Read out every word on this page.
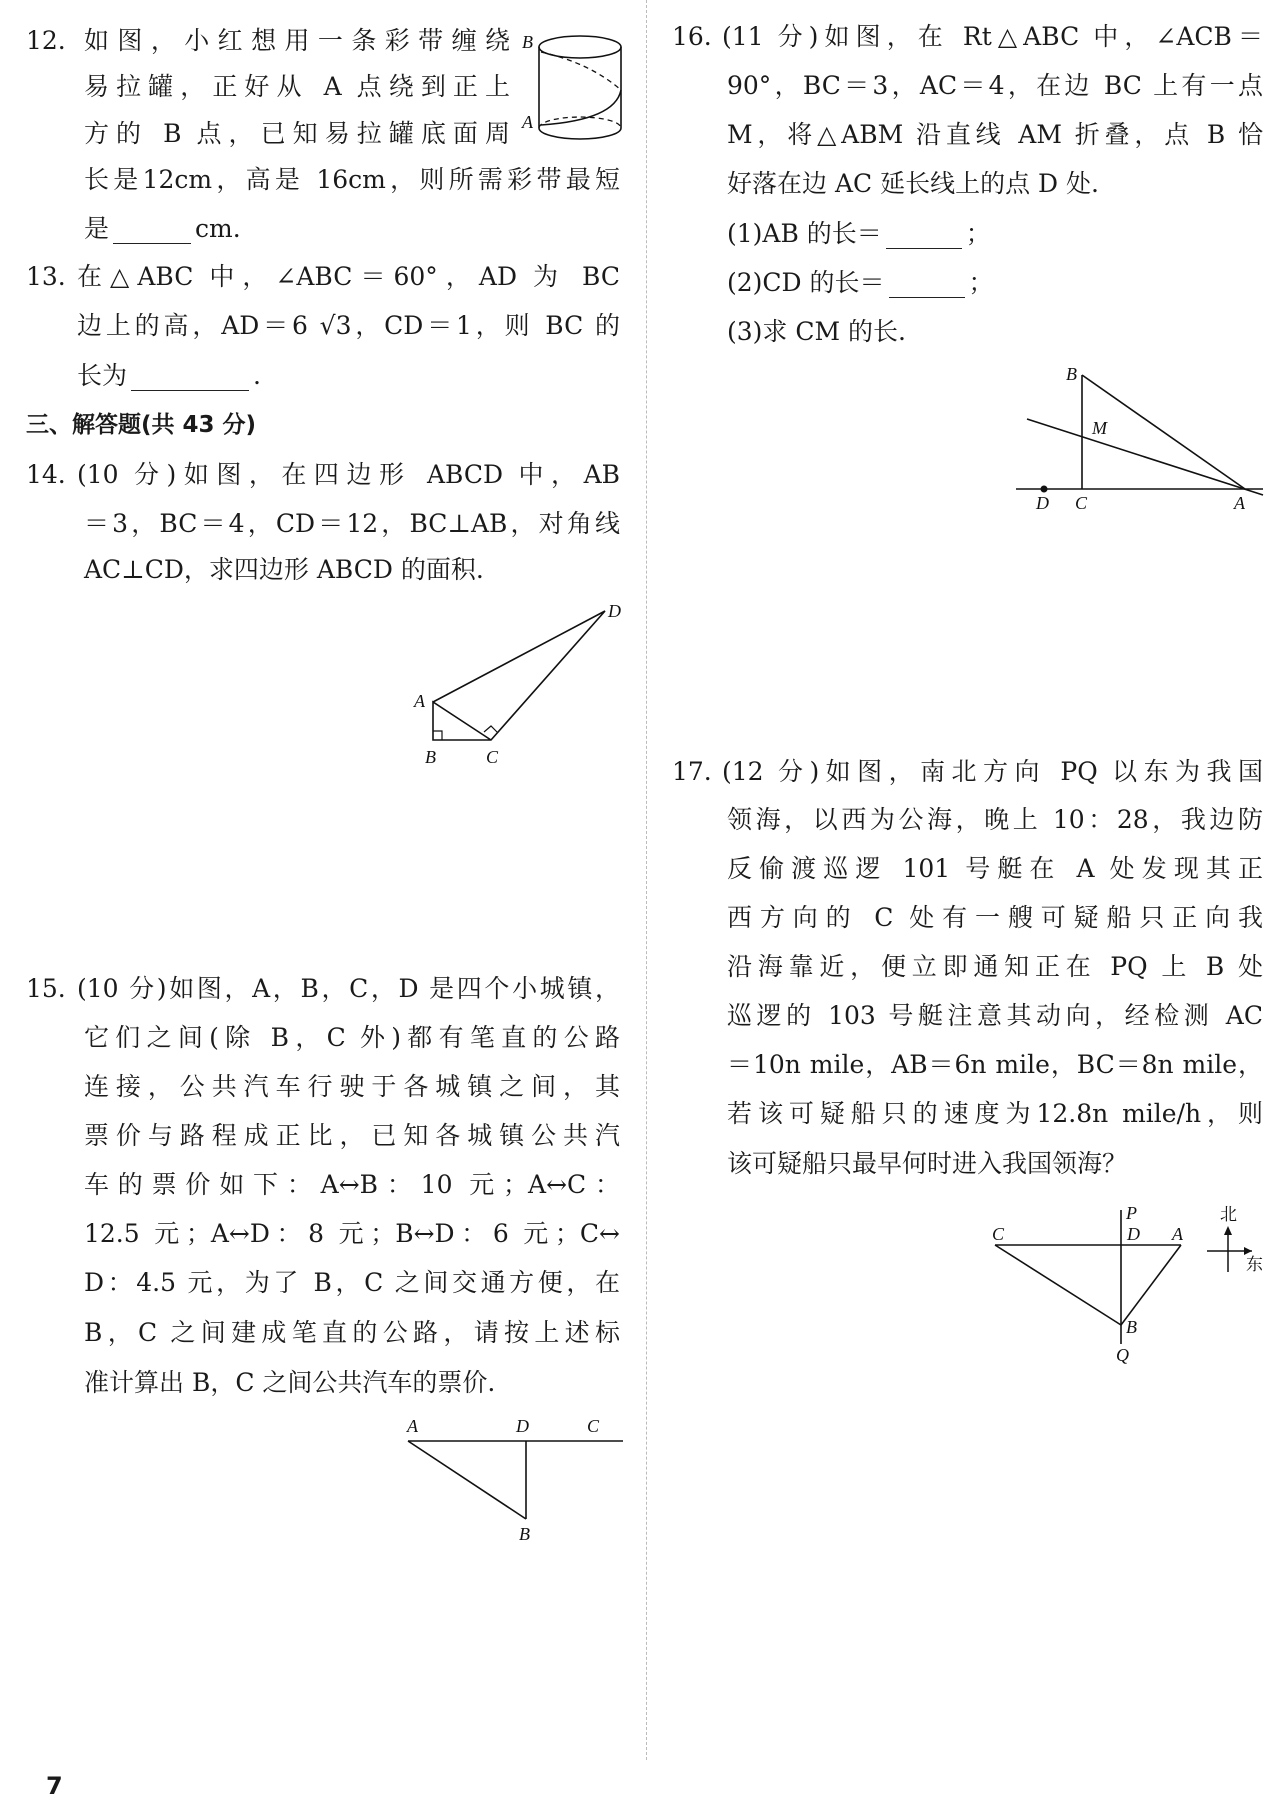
12. 如图，小红想用一条彩带缠绕
易拉罐，正好从 A 点绕到正上
方的 B 点，已知易拉罐底面周
长是12cm，高是 16cm，则所需彩带最短
是	cm.
B
A
13. 在△ABC 中，∠ABC＝60°，AD 为 BC
边上的高，AD＝6 √3，CD＝1，则 BC 的
长为	.
三、解答题(共 43 分)
14. (10 分)如图，在四边形 ABCD 中，AB
＝3，BC＝4，CD＝12，BC⊥AB，对角线
AC⊥CD，求四边形 ABCD 的面积.
A
B	C
D
15. (10 分)如图，A，B，C，D 是四个小城镇，
它们之间(除 B，C 外)都有笔直的公路
连接，公共汽车行驶于各城镇之间，其
票价与路程成正比，已知各城镇公共汽
车的票价如下：A↔B：10 元；A↔C：
12.5 元；A↔D：8 元；B↔D：6 元；C↔
D：4.5 元，为了 B，C 之间交通方便，在
B，C 之间建成笔直的公路，请按上述标
准计算出 B，C 之间公共汽车的票价.
A	D	C
B
16. (11 分)如图，在 Rt△ABC 中，∠ACB＝
90°，BC＝3，AC＝4，在边 BC 上有一点
M，将△ABM 沿直线 AM 折叠，点 B 恰
好落在边 AC 延长线上的点 D 处.
(1)AB 的长＝	；
(2)CD 的长＝	；
(3)求 CM 的长.
B
M
D C	A
17. (12 分)如图，南北方向 PQ 以东为我国
领海，以西为公海，晚上 10：28，我边防
反偷渡巡逻 101 号艇在 A 处发现其正
西方向的 C 处有一艘可疑船只正向我
沿海靠近，便立即通知正在 PQ 上 B 处
巡逻的 103 号艇注意其动向，经检测 AC
＝10n mile，AB＝6n mile，BC＝8n mile，
若该可疑船只的速度为12.8n mile/h，则
该可疑船只最早何时进入我国领海？
P
C	D A
B
Q
北
东
7
